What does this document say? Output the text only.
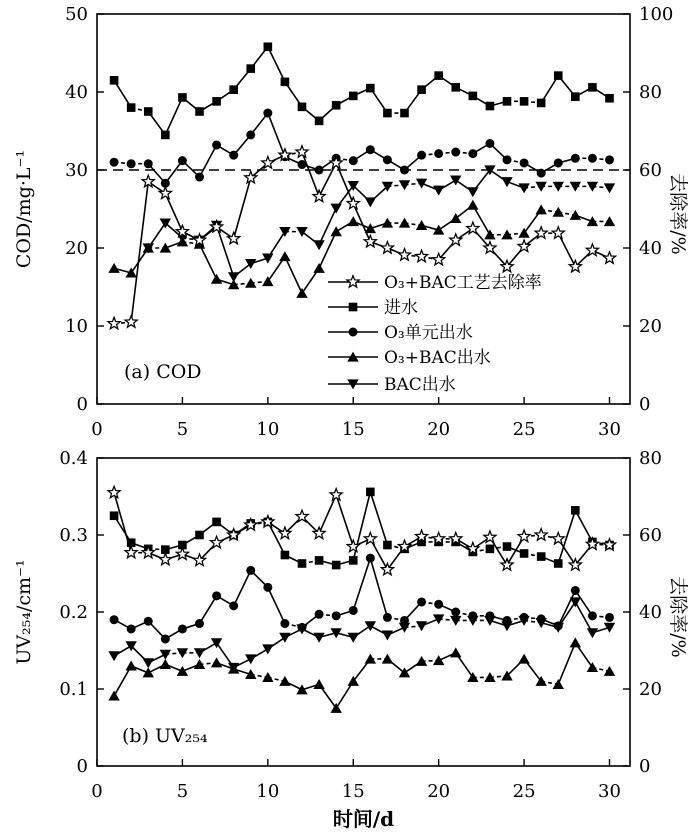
0
10
20
30
40
50
0
20
40
60
80
100
0	5	10	15	20	25	30
(a) COD
COD/mg·L⁻¹	去除率/%
O₃+BAC工艺去除率
进水
O₃单元出水
O₃+BAC出水
BAC出水
0
0.1
0.2
0.3
0.4
0
20
40
60
80
0	5	10	15	20	25	30
(b) UV₂₅₄
UV₂₅₄/cm⁻¹	去除率/%
时间/d
